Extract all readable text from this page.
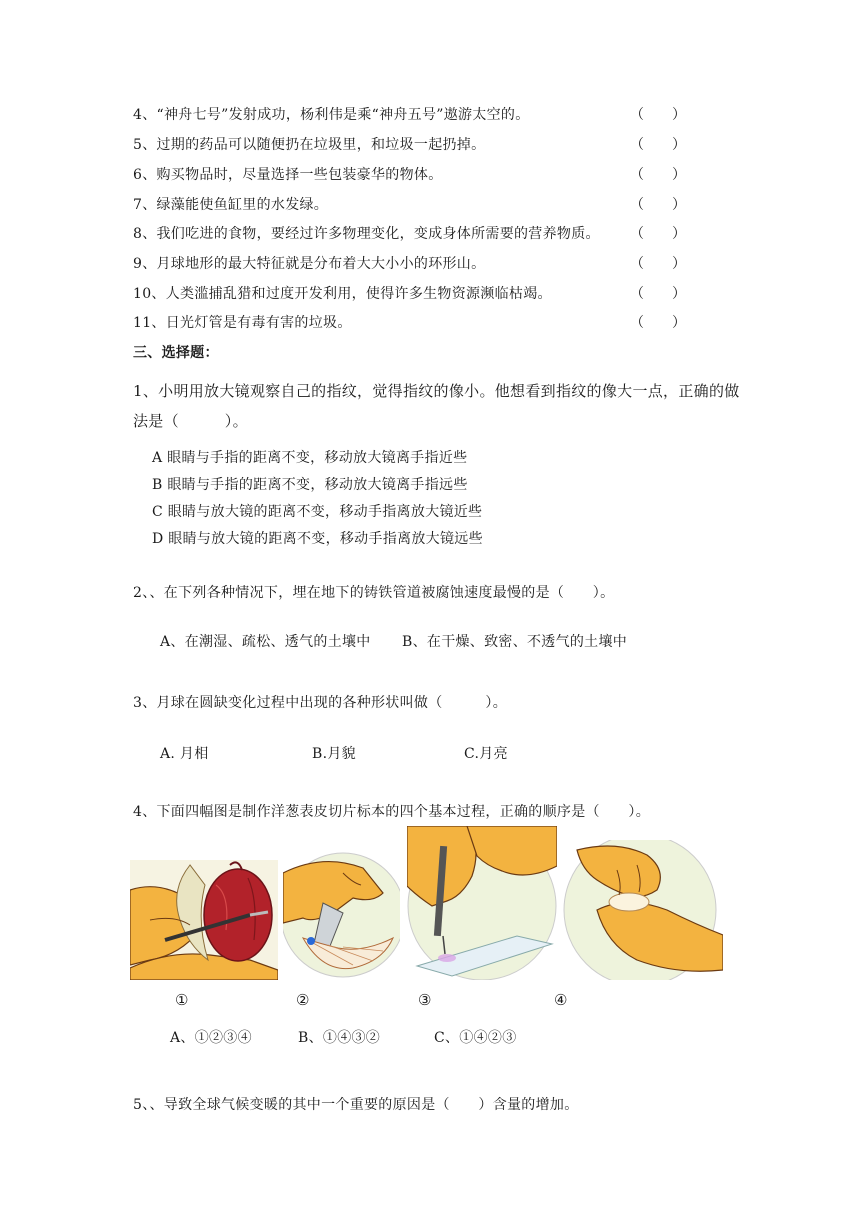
4、“神舟七号”发射成功，杨利伟是乘“神舟五号”遨游太空的。	（　　）
5、过期的药品可以随便扔在垃圾里，和垃圾一起扔掉。	（　　）
6、购买物品时，尽量选择一些包装豪华的物体。	（　　）
7、绿藻能使鱼缸里的水发绿。	（　　）
8、我们吃进的食物，要经过许多物理变化，变成身体所需要的营养物质。 （　　）
9、月球地形的最大特征就是分布着大大小小的环形山。	（　　）
10、人类滥捕乱猎和过度开发利用，使得许多生物资源濒临枯竭。	（　　）
11、日光灯管是有毒有害的垃圾。	（　　）
三、选择题：
1、小明用放大镜观察自己的指纹，觉得指纹的像小。他想看到指纹的像大一点，正确的做
法是（　　　）。
A 眼睛与手指的距离不变，移动放大镜离手指近些
B 眼睛与手指的距离不变，移动放大镜离手指远些
C 眼睛与放大镜的距离不变，移动手指离放大镜近些
D 眼睛与放大镜的距离不变，移动手指离放大镜远些
2、、在下列各种情况下，埋在地下的铸铁管道被腐蚀速度最慢的是（　　）。
A、在潮湿、疏松、透气的土壤中 B、在干燥、致密、不透气的土壤中
3、月球在圆缺变化过程中出现的各种形状叫做（　　　）。
A. 月相	B.月貌	C.月亮
4、下面四幅图是制作洋葱表皮切片标本的四个基本过程，正确的顺序是（　　）。
①	②	③	④
A、①②③④	B、①④③②	C、①④②③
5、、导致全球气候变暖的其中一个重要的原因是（　　）含量的增加。
